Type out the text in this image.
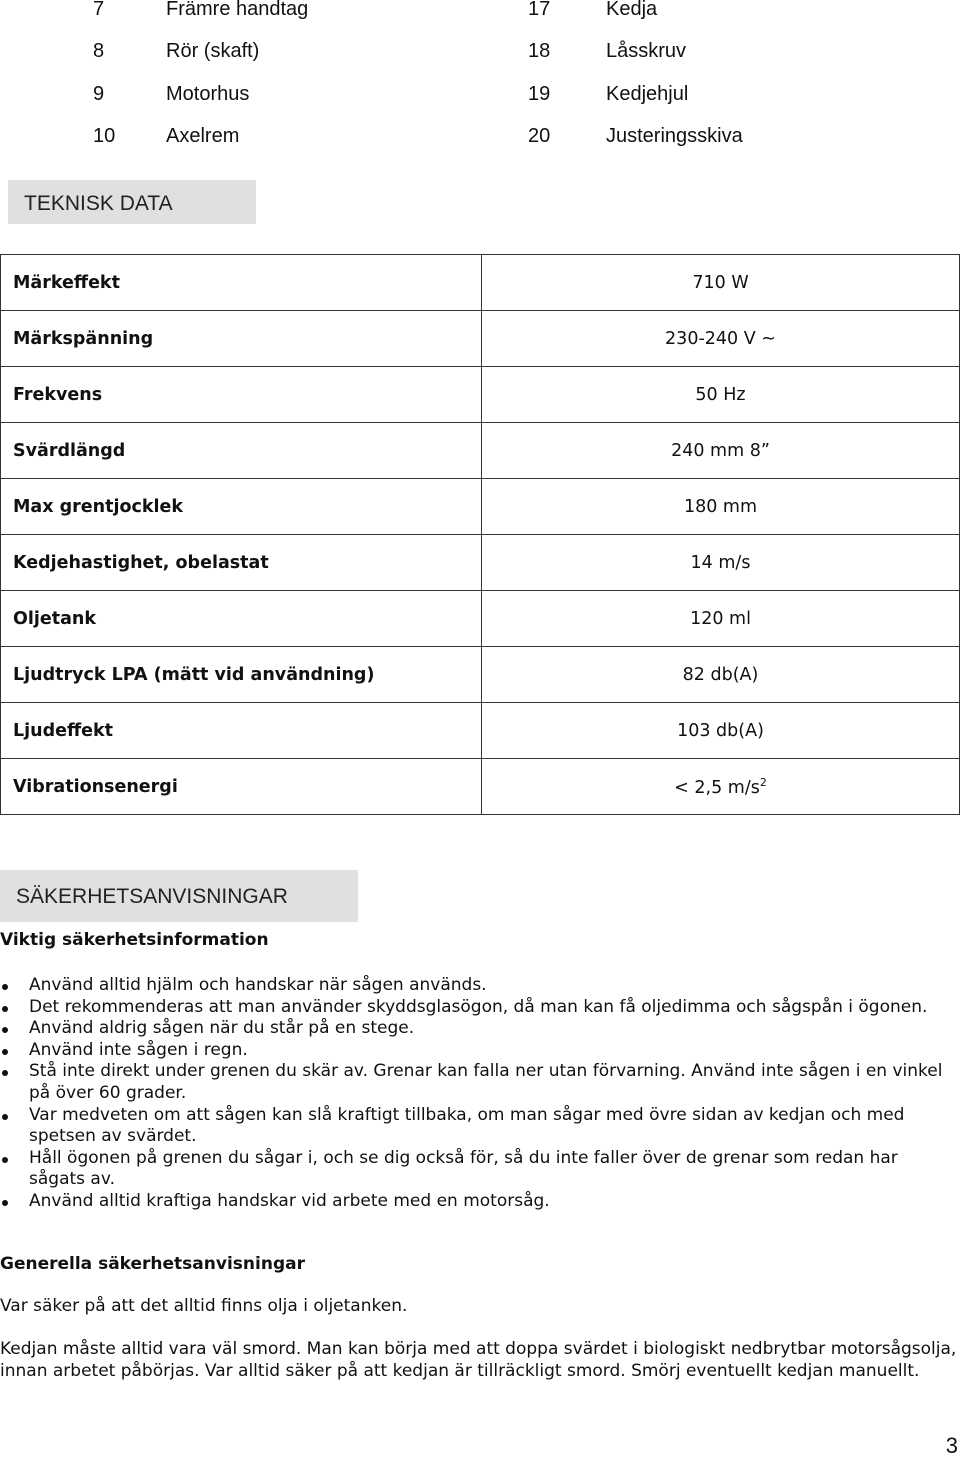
7	Främre handtag	17	Kedja
8	Rör (skaft)	18	Låsskruv
9	Motorhus	19	Kedjehjul
10	Axelrem	20	Justeringsskiva
TEKNISK DATA
Märkeffekt	710 W
Märkspänning	230-240 V ~
Frekvens	50 Hz
Svärdlängd	240 mm 8”
Max grentjocklek	180 mm
Kedjehastighet, obelastat	14 m/s
Oljetank	120 ml
Ljudtryck LPA (mätt vid användning)	82 db(A)
Ljudeffekt	103 db(A)
Vibrationsenergi	< 2,5 $m/s^2$
SÄKERHETSANVISNINGAR
Viktig säkerhetsinformation
Använd alltid hjälm och handskar när sågen används.
Det rekommenderas att man använder skyddsglasögon, då man kan få oljedimma och sågspån i ögonen.
Använd aldrig sågen när du står på en stege.
Använd inte sågen i regn.
Stå inte direkt under grenen du skär av. Grenar kan falla ner utan förvarning. Använd inte sågen i en vinkel på över 60 grader.
Var medveten om att sågen kan slå kraftigt tillbaka, om man sågar med övre sidan av kedjan och med spetsen av svärdet.
Håll ögonen på grenen du sågar i, och se dig också för, så du inte faller över de grenar som redan har sågats av.
Använd alltid kraftiga handskar vid arbete med en motorsåg.
Generella säkerhetsanvisningar
Var säker på att det alltid finns olja i oljetanken.
Kedjan måste alltid vara väl smord. Man kan börja med att doppa svärdet i biologiskt nedbrytbar motorsågsolja, innan arbetet påbörjas. Var alltid säker på att kedjan är tillräckligt smord. Smörj eventuellt kedjan manuellt.
3
